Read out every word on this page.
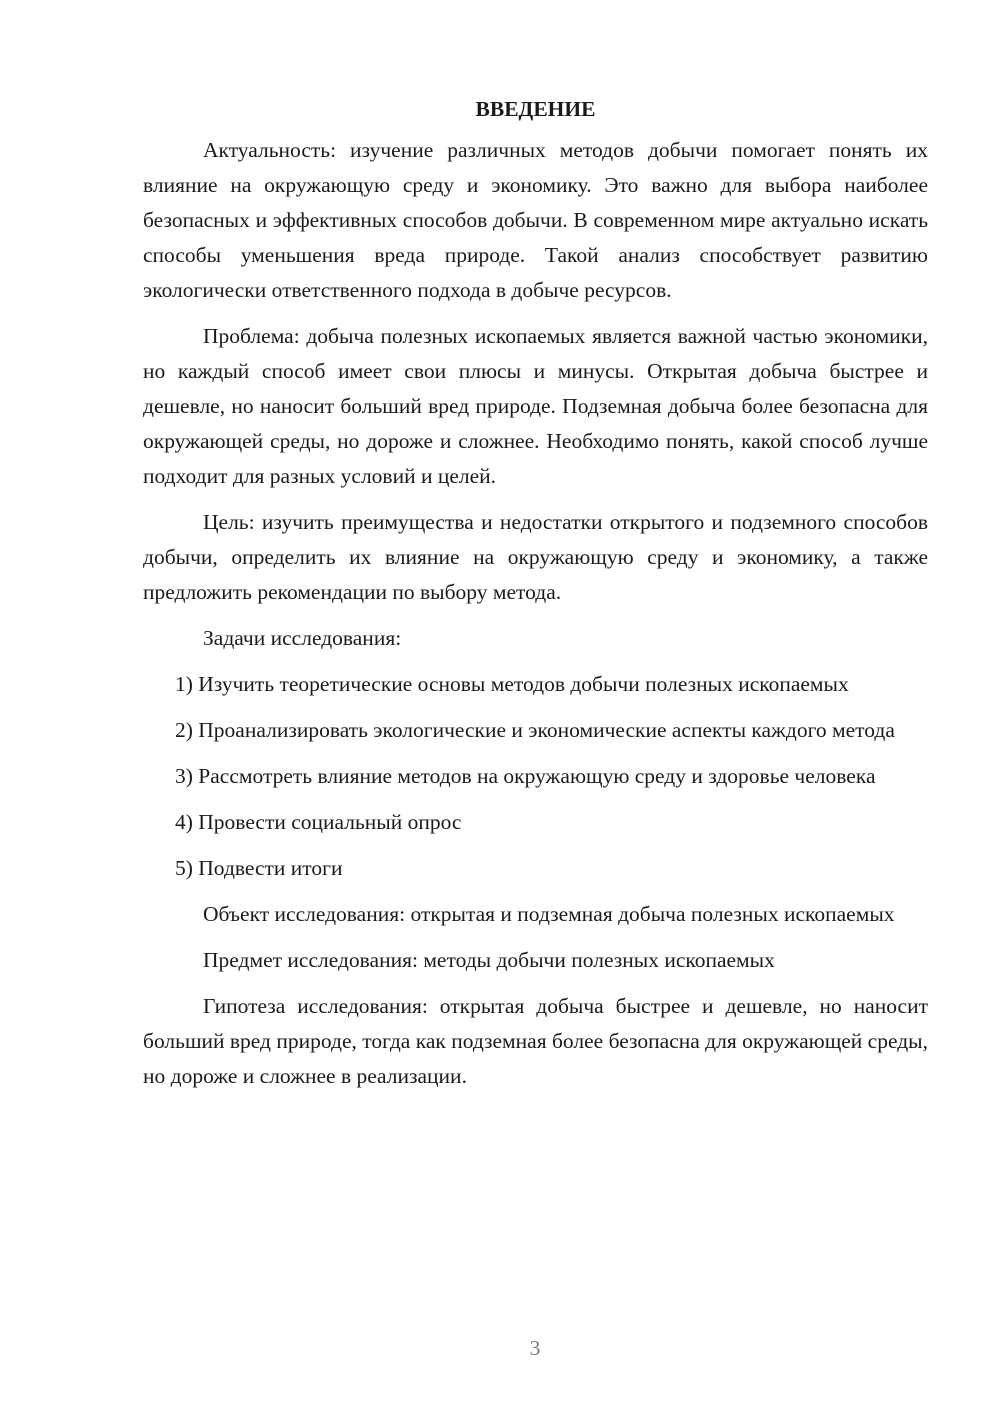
ВВЕДЕНИЕ

Актуальность: изучение различных методов добычи помогает понять их влияние на окружающую среду и экономику. Это важно для выбора наиболее безопасных и эффективных способов добычи. В современном мире актуально искать способы уменьшения вреда природе. Такой анализ способствует развитию экологически ответственного подхода в добыче ресурсов.

Проблема: добыча полезных ископаемых является важной частью экономики, но каждый способ имеет свои плюсы и минусы. Открытая добыча быстрее и дешевле, но наносит больший вред природе. Подземная добыча более безопасна для окружающей среды, но дороже и сложнее. Необходимо понять, какой способ лучше подходит для разных условий и целей.

Цель: изучить преимущества и недостатки открытого и подземного способов добычи, определить их влияние на окружающую среду и экономику, а также предложить рекомендации по выбору метода.

Задачи исследования:

1) Изучить теоретические основы методов добычи полезных ископаемых

2) Проанализировать экологические и экономические аспекты каждого метода

3) Рассмотреть влияние методов на окружающую среду и здоровье человека

4) Провести социальный опрос

5) Подвести итоги

Объект исследования: открытая и подземная добыча полезных ископаемых

Предмет исследования: методы добычи полезных ископаемых

Гипотеза исследования: открытая добыча быстрее и дешевле, но наносит больший вред природе, тогда как подземная более безопасна для окружающей среды, но дороже и сложнее в реализации.

3
